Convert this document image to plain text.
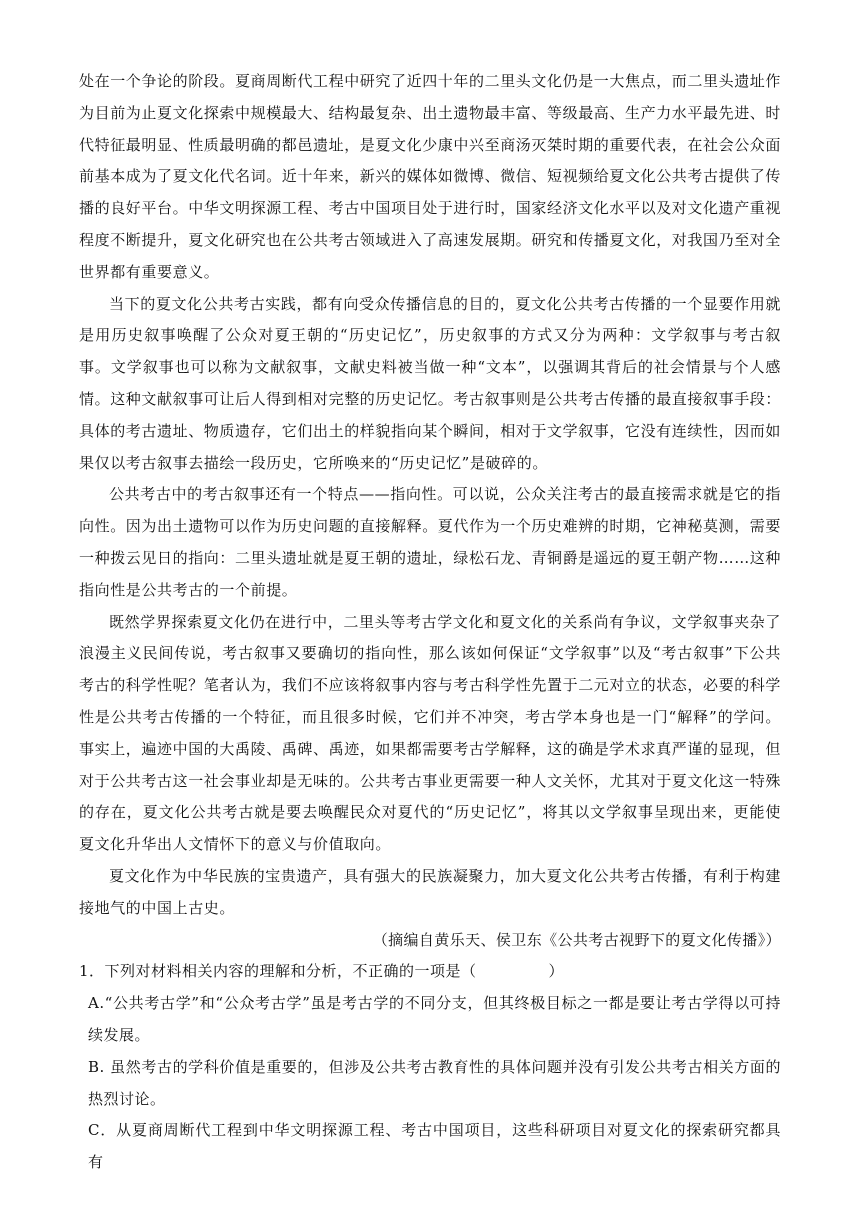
处在一个争论的阶段。夏商周断代工程中研究了近四十年的二里头文化仍是一大焦点，而二里头遗址作为目前为止夏文化探索中规模最大、结构最复杂、出土遗物最丰富、等级最高、生产力水平最先进、时代特征最明显、性质最明确的都邑遗址，是夏文化少康中兴至商汤灭桀时期的重要代表，在社会公众面前基本成为了夏文化代名词。近十年来，新兴的媒体如微博、微信、短视频给夏文化公共考古提供了传播的良好平台。中华文明探源工程、考古中国项目处于进行时，国家经济文化水平以及对文化遗产重视程度不断提升，夏文化研究也在公共考古领域进入了高速发展期。研究和传播夏文化，对我国乃至对全世界都有重要意义。

当下的夏文化公共考古实践，都有向受众传播信息的目的，夏文化公共考古传播的一个显要作用就是用历史叙事唤醒了公众对夏王朝的“历史记忆”，历史叙事的方式又分为两种：文学叙事与考古叙事。文学叙事也可以称为文献叙事，文献史料被当做一种“文本”，以强调其背后的社会情景与个人感情。这种文献叙事可让后人得到相对完整的历史记忆。考古叙事则是公共考古传播的最直接叙事手段：具体的考古遗址、物质遗存，它们出土的样貌指向某个瞬间，相对于文学叙事，它没有连续性，因而如果仅以考古叙事去描绘一段历史，它所唤来的“历史记忆”是破碎的。

公共考古中的考古叙事还有一个特点——指向性。可以说，公众关注考古的最直接需求就是它的指向性。因为出土遗物可以作为历史问题的直接解释。夏代作为一个历史难辨的时期，它神秘莫测，需要一种拨云见日的指向：二里头遗址就是夏王朝的遗址，绿松石龙、青铜爵是遥远的夏王朝产物……这种指向性是公共考古的一个前提。

既然学界探索夏文化仍在进行中，二里头等考古学文化和夏文化的关系尚有争议，文学叙事夹杂了浪漫主义民间传说，考古叙事又要确切的指向性，那么该如何保证“文学叙事”以及“考古叙事”下公共考古的科学性呢？笔者认为，我们不应该将叙事内容与考古科学性先置于二元对立的状态，必要的科学性是公共考古传播的一个特征，而且很多时候，它们并不冲突，考古学本身也是一门“解释”的学问。事实上，遍迹中国的大禹陵、禹碑、禹迹，如果都需要考古学解释，这的确是学术求真严谨的显现，但对于公共考古这一社会事业却是无味的。公共考古事业更需要一种人文关怀，尤其对于夏文化这一特殊的存在，夏文化公共考古就是要去唤醒民众对夏代的“历史记忆”，将其以文学叙事呈现出来，更能使夏文化升华出人文情怀下的意义与价值取向。

夏文化作为中华民族的宝贵遗产，具有强大的民族凝聚力，加大夏文化公共考古传播，有利于构建接地气的中国上古史。

（摘编自黄乐天、侯卫东《公共考古视野下的夏文化传播》）

1．下列对材料相关内容的理解和分析，不正确的一项是（	）

A.“公共考古学”和“公众考古学”虽是考古学的不同分支，但其终极目标之一都是要让考古学得以可持续发展。

B. 虽然考古的学科价值是重要的，但涉及公共考古教育性的具体问题并没有引发公共考古相关方面的热烈讨论。

C．从夏商周断代工程到中华文明探源工程、考古中国项目，这些科研项目对夏文化的探索研究都具有
